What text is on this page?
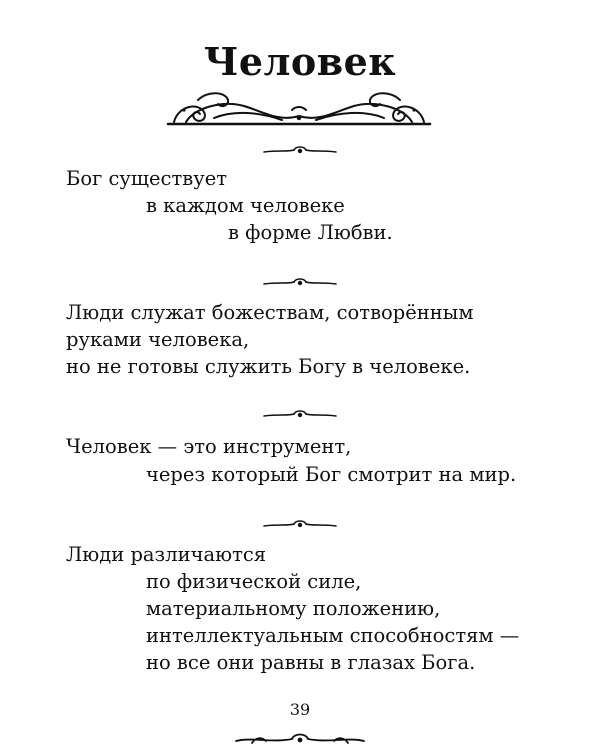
Человек
Бог существует
в каждом человеке
в форме Любви.
Люди служат божествам, сотворённым
руками человека,
но не готовы служить Богу в человеке.
Человек — это инструмент,
через который Бог смотрит на мир.
Люди различаются
по физической силе,
материальному положению,
интеллектуальным способностям —
но все они равны в глазах Бога.
39
